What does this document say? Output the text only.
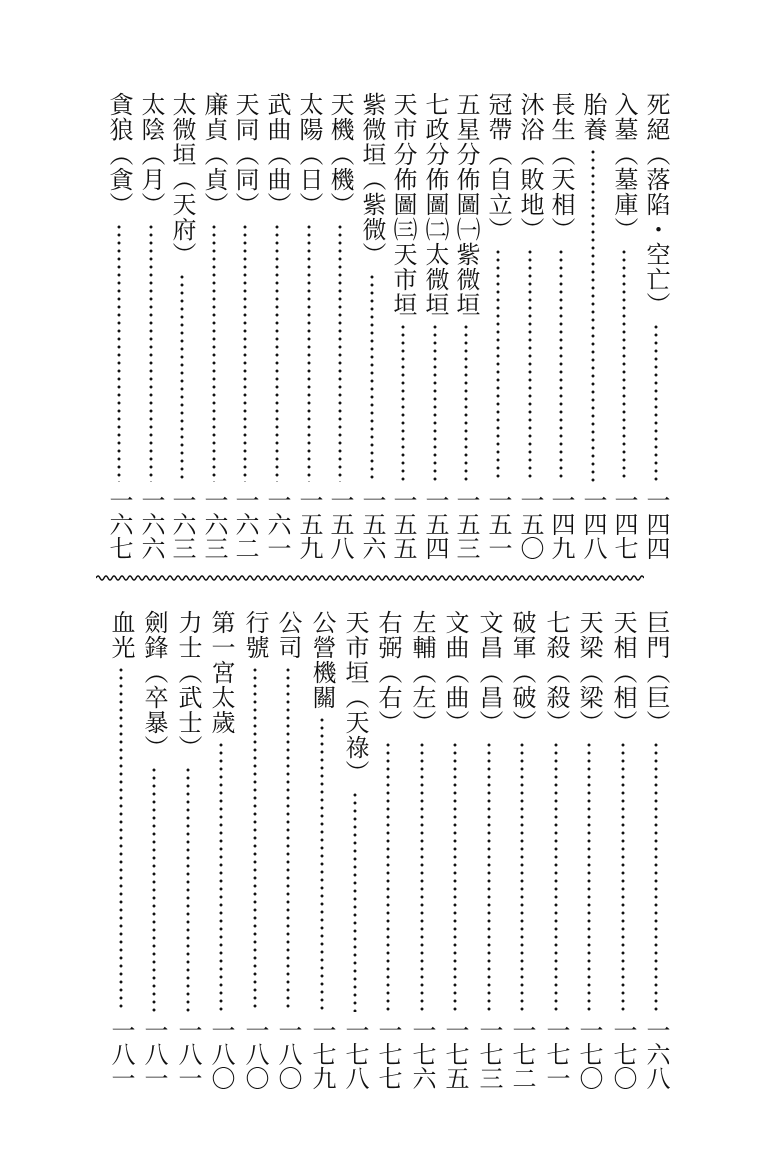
死絕（落陷・空亡）
一四四
入墓（墓庫）
一四七
胎養
一四八
長生（天相）
一四九
沐浴（敗地）
一五〇
冠帶（自立）
一五一
五星分佈圖㈠紫微垣
一五三
七政分佈圖㈡太微垣
一五四
天市分佈圖㈢天市垣
一五五
紫微垣（紫微）
一五六
天機（機）
一五八
太陽（日）
一五九
武曲（曲）
一六一
天同（同）
一六二
廉貞（貞）
一六三
太微垣（天府）
一六三
太陰（月）
一六六
貪狼（貪）
一六七
巨門（巨）
一六八
天相（相）
一七〇
天梁（梁）
一七〇
七殺（殺）
一七一
破軍（破）
一七二
文昌（昌）
一七三
文曲（曲）
一七五
左輔（左）
一七六
右弼（右）
一七七
天市垣（天祿）
一七八
公營機關
一七九
公司
一八〇
行號
一八〇
第一宮太歲
一八〇
力士（武士）
一八一
劍鋒（卒暴）
一八一
血光
一八一
